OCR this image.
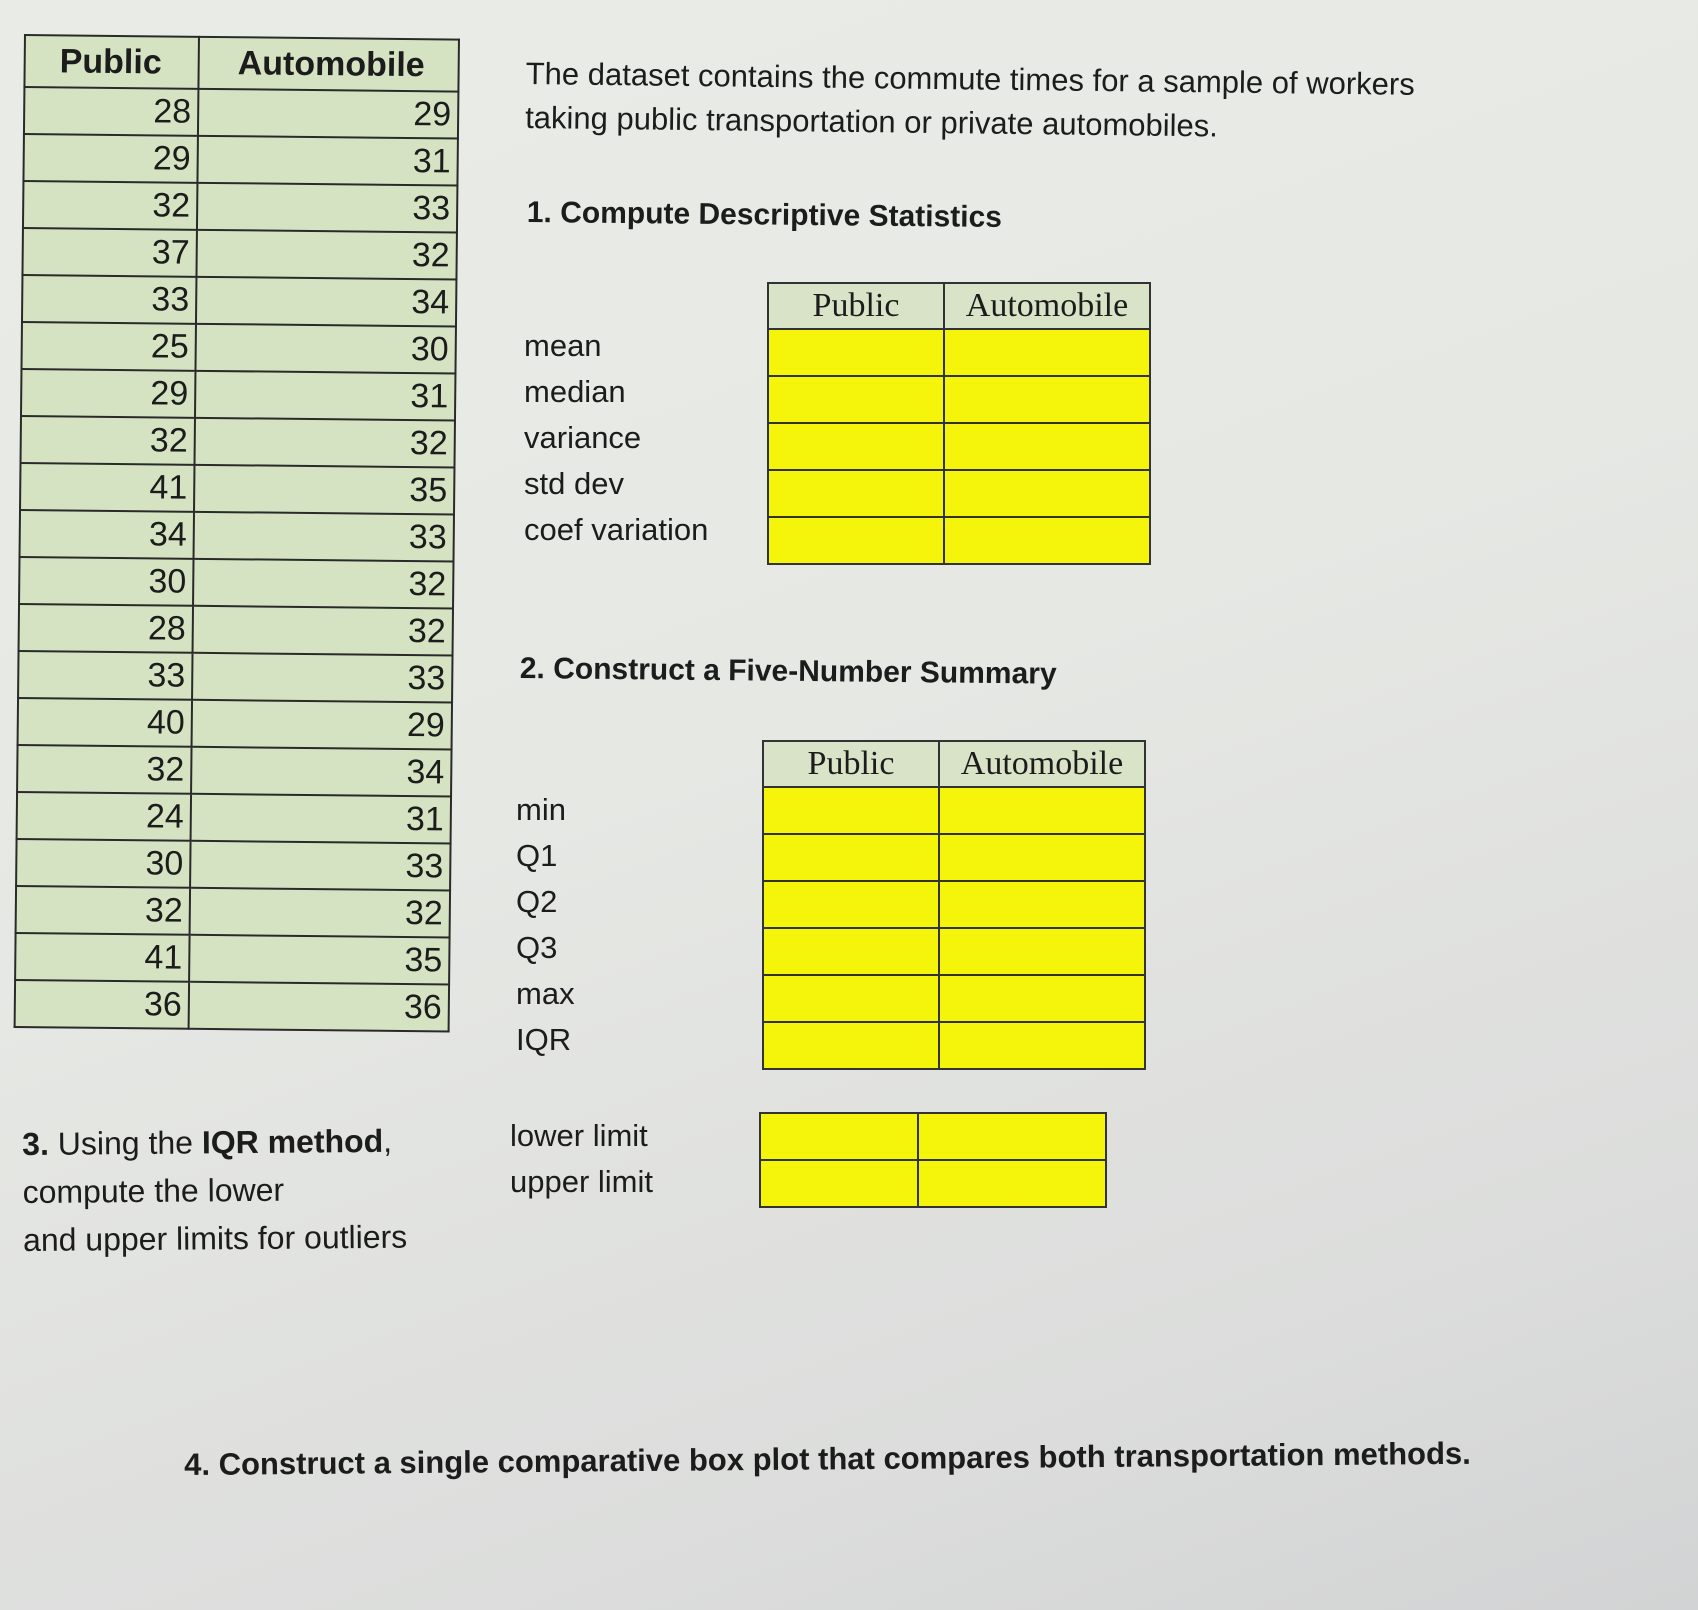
Public	Automobile
28	29
29	31
32	33
37	32
33	34
25	30
29	31
32	32
41	35
34	33
30	32
28	32
33	33
40	29
32	34
24	31
30	33
32	32
41	35
36	36
The dataset contains the commute times for a sample of workers
taking public transportation or private automobiles.
1. Compute Descriptive Statistics
mean
median
variance
std dev
coef variation
Public	Automobile

2. Construct a Five-Number Summary
min
Q1
Q2
Q3
max
IQR
Public	Automobile

3. Using the IQR method,
compute the lower
and upper limits for outliers
lower limit
upper limit

4. Construct a single comparative box plot that compares both transportation methods.
